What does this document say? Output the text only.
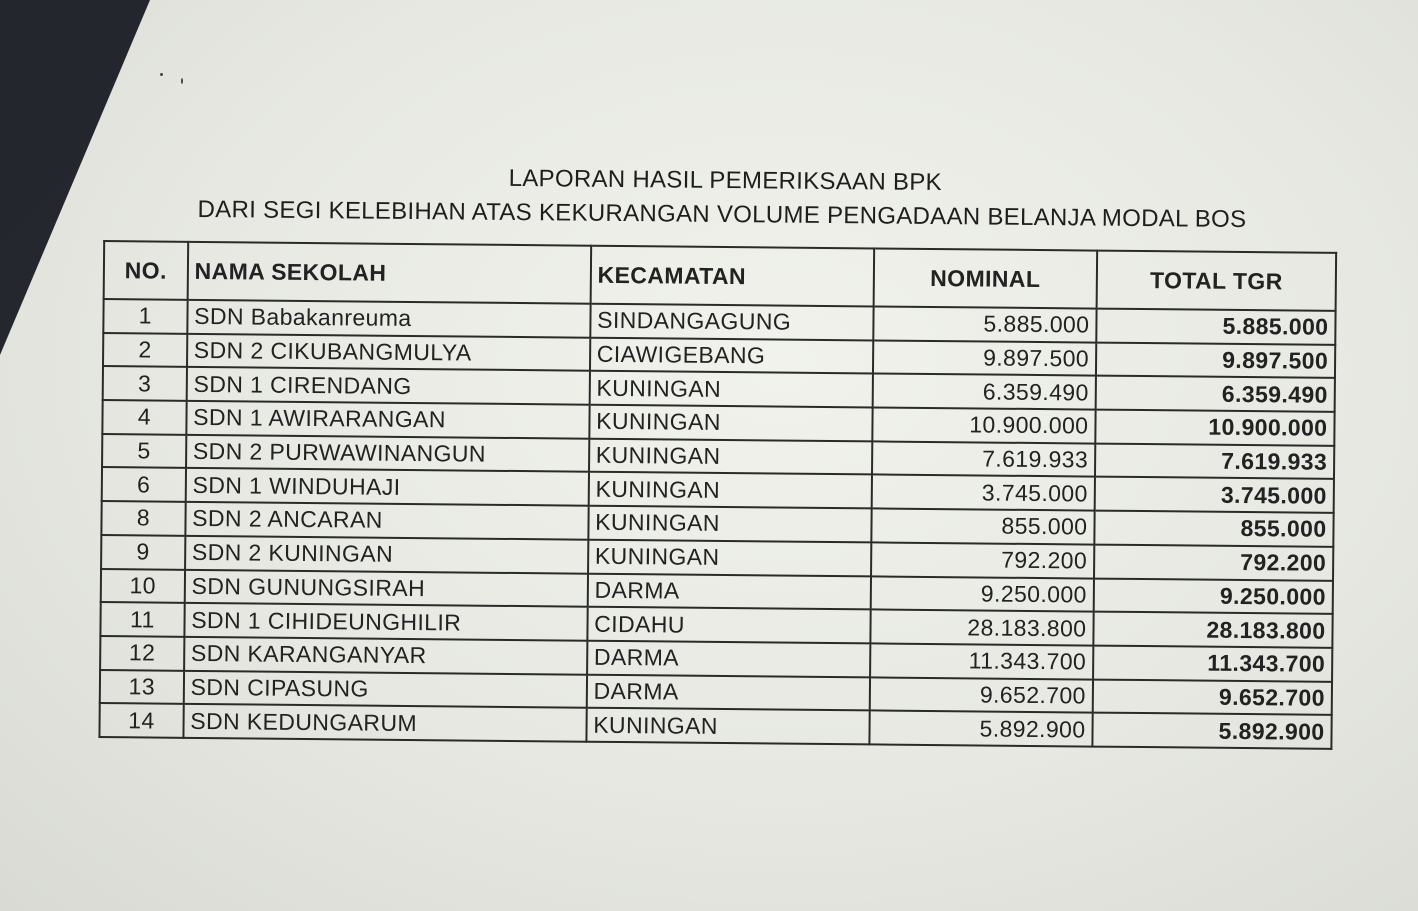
LAPORAN HASIL PEMERIKSAAN BPK

DARI SEGI KELEBIHAN ATAS KEKURANGAN VOLUME PENGADAAN BELANJA MODAL BOS

NO.	NAMA SEKOLAH	KECAMATAN	NOMINAL	TOTAL TGR
1	SDN Babakanreuma	SINDANGAGUNG	5.885.000	5.885.000
2	SDN 2 CIKUBANGMULYA	CIAWIGEBANG	9.897.500	9.897.500
3	SDN 1 CIRENDANG	KUNINGAN	6.359.490	6.359.490
4	SDN 1 AWIRARANGAN	KUNINGAN	10.900.000	10.900.000
5	SDN 2 PURWAWINANGUN	KUNINGAN	7.619.933	7.619.933
6	SDN 1 WINDUHAJI	KUNINGAN	3.745.000	3.745.000
8	SDN 2 ANCARAN	KUNINGAN	855.000	855.000
9	SDN 2 KUNINGAN	KUNINGAN	792.200	792.200
10	SDN GUNUNGSIRAH	DARMA	9.250.000	9.250.000
11	SDN 1 CIHIDEUNGHILIR	CIDAHU	28.183.800	28.183.800
12	SDN KARANGANYAR	DARMA	11.343.700	11.343.700
13	SDN CIPASUNG	DARMA	9.652.700	9.652.700
14	SDN KEDUNGARUM	KUNINGAN	5.892.900	5.892.900
